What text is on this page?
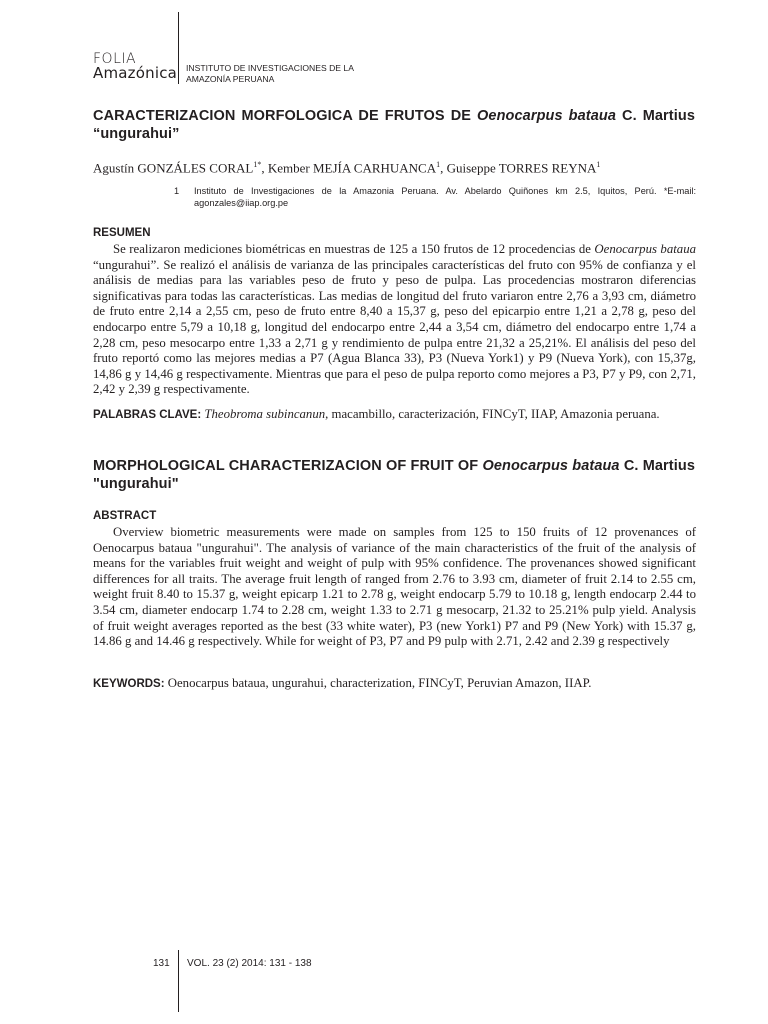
FOLIA
Amazónica INSTITUTO DE INVESTIGACIONES DE LA
AMAZONÍA PERUANA
CARACTERIZACION MORFOLOGICA DE FRUTOS DE Oenocarpus bataua C. Martius “ungurahui”
Agustín GONZÁLES $CORAL^{1*}$, Kember MEJÍA CARHUANCA$^1$, Guiseppe TORRES REYNA$^1$
1 Instituto de Investigaciones de la Amazonia Peruana. Av. Abelardo Quiñones km 2.5, Iquitos, Perú. *E-mail: agonzales@iiap.org.pe
RESUMEN
Se realizaron mediciones biométricas en muestras de 125 a 150 frutos de 12 procedencias de Oenocarpus bataua “ungurahui”. Se realizó el análisis de varianza de las principales características del fruto con 95% de confianza y el análisis de medias para las variables peso de fruto y peso de pulpa. Las procedencias mostraron diferencias significativas para todas las características. Las medias de longitud del fruto variaron entre 2,76 a 3,93 cm, diámetro de fruto entre 2,14 a 2,55 cm, peso de fruto entre 8,40 a 15,37 g, peso del epicarpio entre 1,21 a 2,78 g, peso del endocarpo entre 5,79 a 10,18 g, longitud del endocarpo entre 2,44 a 3,54 cm, diámetro del endocarpo entre 1,74 a 2,28 cm, peso mesocarpo entre 1,33 a 2,71 g y rendimiento de pulpa entre 21,32 a 25,21%. El análisis del peso del fruto reportó como las mejores medias a P7 (Agua Blanca 33), P3 (Nueva York1) y P9 (Nueva York), con 15,37g, 14,86 g y 14,46 g respectivamente. Mientras que para el peso de pulpa reporto como mejores a P3, P7 y P9, con 2,71, 2,42 y 2,39 g respectivamente.
PALABRAS CLAVE: Theobroma subincanun, macambillo, caracterización, FINCyT, IIAP, Amazonia peruana.
MORPHOLOGICAL CHARACTERIZACION OF FRUIT OF Oenocarpus bataua C. Martius "ungurahui"
ABSTRACT
Overview biometric measurements were made on samples from 125 to 150 fruits of 12 provenances of Oenocarpus bataua "ungurahui". The analysis of variance of the main characteristics of the fruit of the analysis of means for the variables fruit weight and weight of pulp with 95% confidence. The provenances showed significant differences for all traits. The average fruit length of ranged from 2.76 to 3.93 cm, diameter of fruit 2.14 to 2.55 cm, weight fruit 8.40 to 15.37 g, weight epicarp 1.21 to 2.78 g, weight endocarp 5.79 to 10.18 g, length endocarp 2.44 to 3.54 cm, diameter endocarp 1.74 to 2.28 cm, weight 1.33 to 2.71 g mesocarp, 21.32 to 25.21% pulp yield. Analysis of fruit weight averages reported as the best (33 white water), P3 (new York1) P7 and P9 (New York) with 15.37 g, 14.86 g and 14.46 g respectively. While for weight of P3, P7 and P9 pulp with 2.71, 2.42 and 2.39 g respectively
KEYWORDS: Oenocarpus bataua, ungurahui, characterization, FINCyT, Peruvian Amazon, IIAP.
131 VOL. 23 (2) 2014: 131 - 138
